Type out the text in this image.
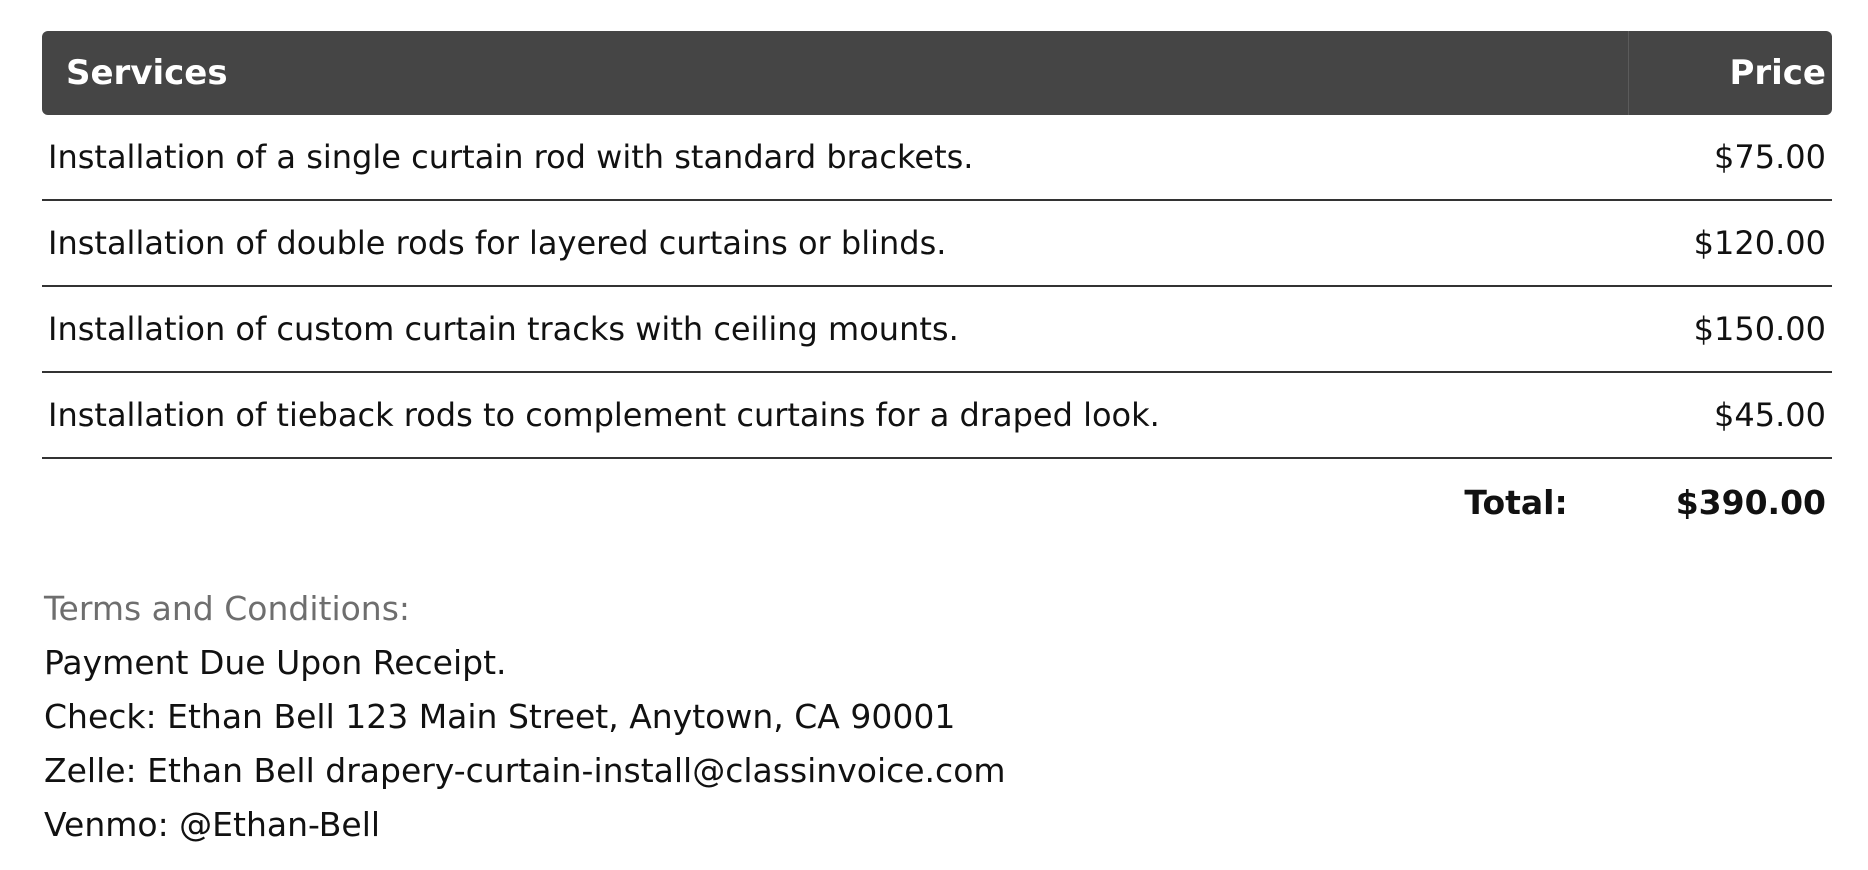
Services	Price
Installation of a single curtain rod with standard brackets.	$75.00
Installation of double rods for layered curtains or blinds.	$120.00
Installation of custom curtain tracks with ceiling mounts.	$150.00
Installation of tieback rods to complement curtains for a draped look.	$45.00
Total:	$390.00
Terms and Conditions:
Payment Due Upon Receipt.
Check: Ethan Bell 123 Main Street, Anytown, CA 90001
Zelle: Ethan Bell drapery-curtain-install@classinvoice.com
Venmo: @Ethan-Bell
